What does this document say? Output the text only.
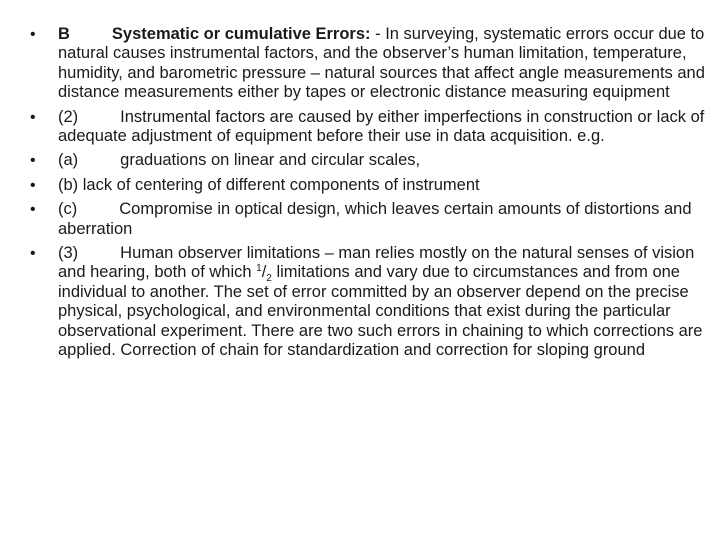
•	B	Systematic or cumulative Errors: - In surveying, systematic errors occur due to natural causes instrumental factors, and the observer’s human limitation, temperature, humidity, and barometric pressure – natural sources that affect angle measurements and distance measurements either by tapes or electronic distance measuring equipment
•	(2)	Instrumental factors are caused by either imperfections in construction or lack of adequate adjustment of equipment before their use in data acquisition. e.g.
•	(a)	graduations on linear and circular scales,
•	(b) lack of centering of different components of instrument
•	(c)	Compromise in optical design, which leaves certain amounts of distortions and aberration
•	(3)	Human observer limitations – man relies mostly on the natural senses of vision and hearing, both of which $^1/_2$ limitations and vary due to circumstances and from one individual to another. The set of error committed by an observer depend on the precise physical, psychological, and environmental conditions that exist during the particular observational experiment. There are two such errors in chaining to which corrections are applied. Correction of chain for standardization and correction for sloping ground
